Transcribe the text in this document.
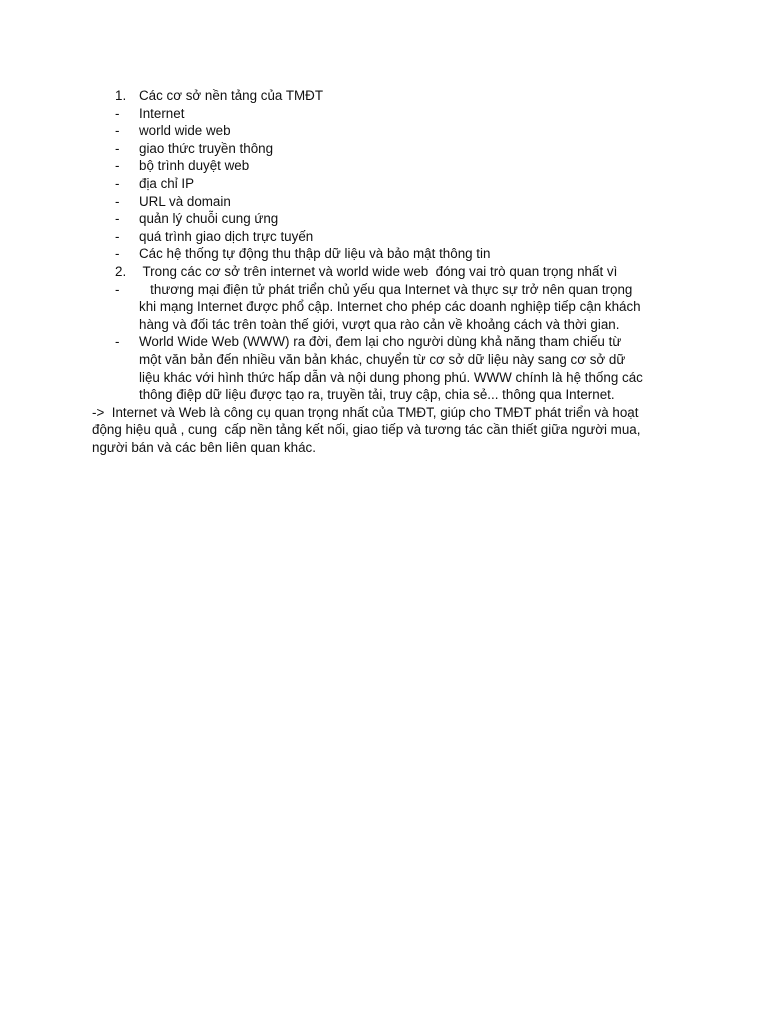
1. Các cơ sở nền tảng của TMĐT
-	Internet
-	world wide web
-	giao thức truyền thông
-	bộ trình duyệt web
-	địa chỉ IP
-	URL và domain
-	quản lý chuỗi cung ứng
-	quá trình giao dịch trực tuyến
-	Các hệ thống tự động thu thập dữ liệu và bảo mật thông tin
2. Trong các cơ sở trên internet và world wide web  đóng vai trò quan trọng nhất vì
-	thương mại điện tử phát triển chủ yếu qua Internet và thực sự trở nên quan trọng
khi mạng Internet được phổ cập. Internet cho phép các doanh nghiệp tiếp cận khách
hàng và đối tác trên toàn thế giới, vượt qua rào cản về khoảng cách và thời gian.
-	World Wide Web (WWW) ra đời, đem lại cho người dùng khả năng tham chiếu từ
một văn bản đến nhiều văn bản khác, chuyển từ cơ sở dữ liệu này sang cơ sở dữ
liệu khác với hình thức hấp dẫn và nội dung phong phú. WWW chính là hệ thống các
thông điệp dữ liệu được tạo ra, truyền tải, truy cập, chia sẻ... thông qua Internet.
->  Internet và Web là công cụ quan trọng nhất của TMĐT, giúp cho TMĐT phát triển và hoạt
động hiệu quả , cung  cấp nền tảng kết nối, giao tiếp và tương tác cần thiết giữa người mua,
người bán và các bên liên quan khác.
